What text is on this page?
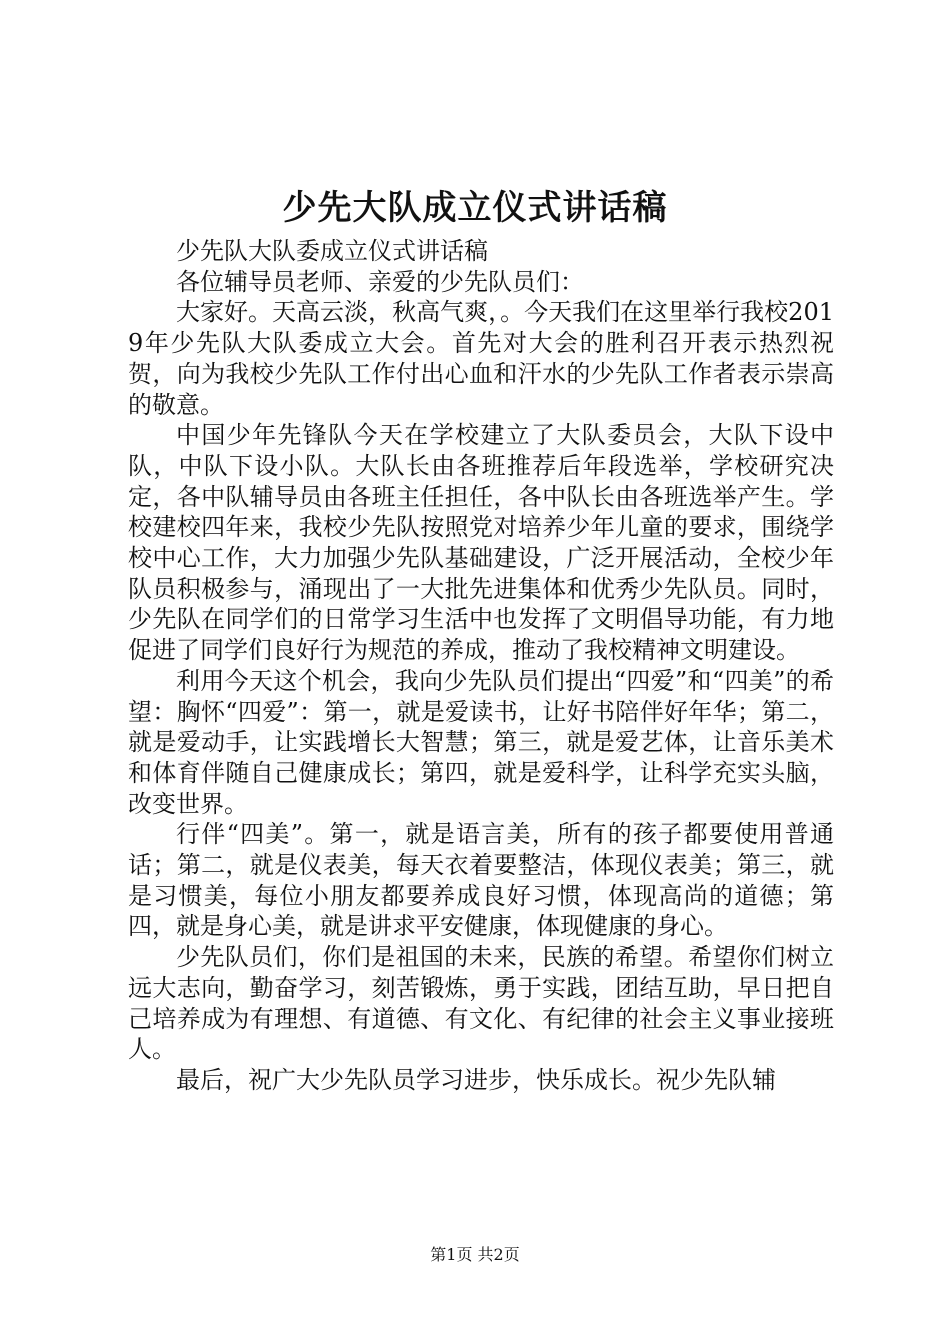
少先大队成立仪式讲话稿

少先队大队委成立仪式讲话稿

各位辅导员老师、亲爱的少先队员们：

大家好。天高云淡，秋高气爽，。今天我们在这里举行我校2019年少先队大队委成立大会。首先对大会的胜利召开表示热烈祝贺，向为我校少先队工作付出心血和汗水的少先队工作者表示崇高的敬意。

中国少年先锋队今天在学校建立了大队委员会，大队下设中队，中队下设小队。大队长由各班推荐后年段选举，学校研究决定，各中队辅导员由各班主任担任，各中队长由各班选举产生。学校建校四年来，我校少先队按照党对培养少年儿童的要求，围绕学校中心工作，大力加强少先队基础建设，广泛开展活动，全校少年队员积极参与，涌现出了一大批先进集体和优秀少先队员。同时，少先队在同学们的日常学习生活中也发挥了文明倡导功能，有力地促进了同学们良好行为规范的养成，推动了我校精神文明建设。

利用今天这个机会，我向少先队员们提出“四爱”和“四美”的希望：胸怀“四爱”：第一，就是爱读书，让好书陪伴好年华；第二，就是爱动手，让实践增长大智慧；第三，就是爱艺体，让音乐美术和体育伴随自己健康成长；第四，就是爱科学，让科学充实头脑，改变世界。

行伴“四美”。第一，就是语言美，所有的孩子都要使用普通话；第二，就是仪表美，每天衣着要整洁，体现仪表美；第三，就是习惯美，每位小朋友都要养成良好习惯，体现高尚的道德；第四，就是身心美，就是讲求平安健康，体现健康的身心。

少先队员们，你们是祖国的未来，民族的希望。希望你们树立远大志向，勤奋学习，刻苦锻炼，勇于实践，团结互助，早日把自己培养成为有理想、有道德、有文化、有纪律的社会主义事业接班人。

最后，祝广大少先队员学习进步，快乐成长。祝少先队辅

第1页 共2页
